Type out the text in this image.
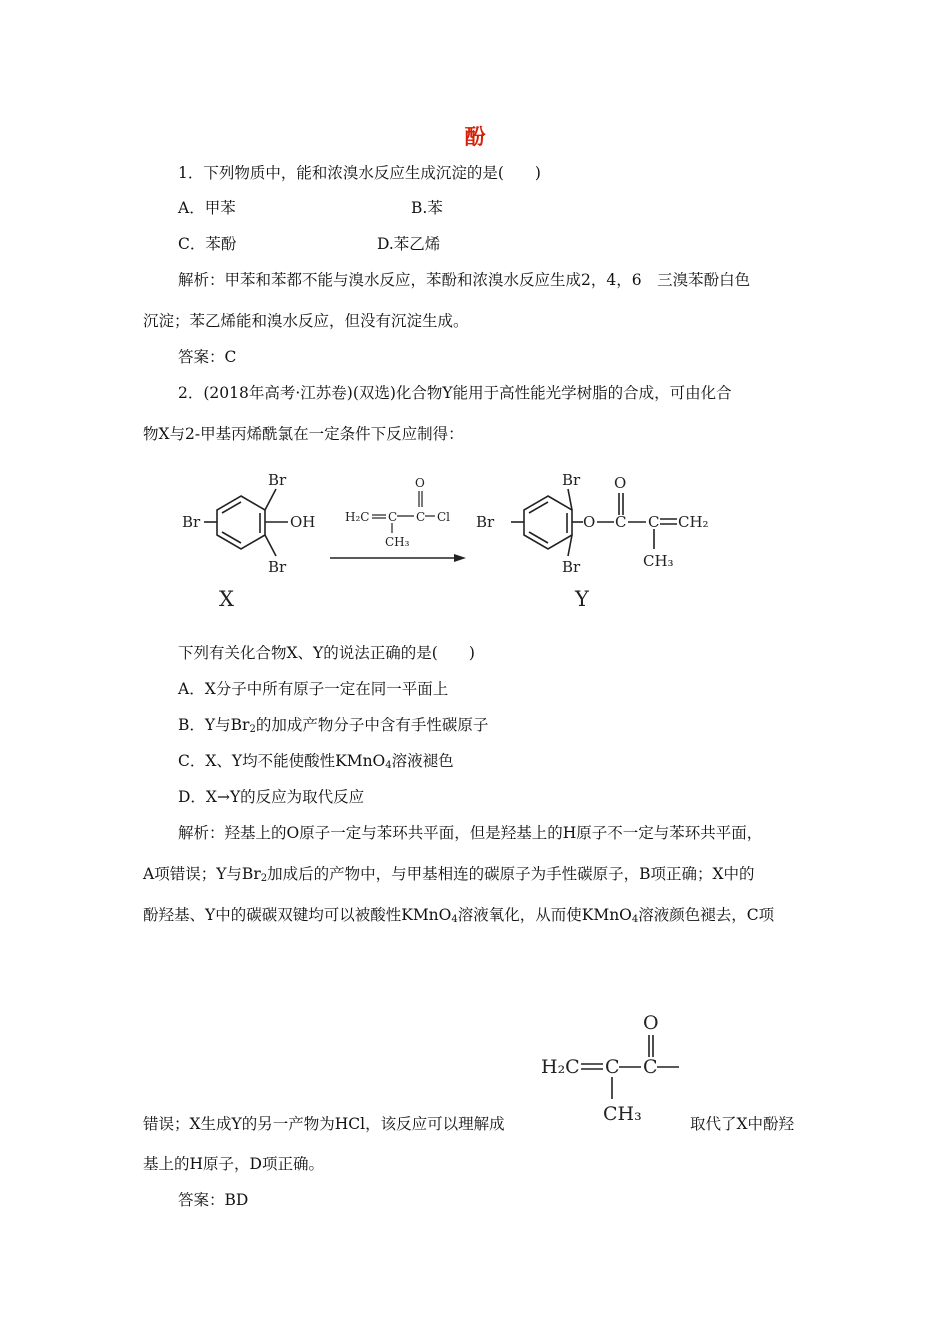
酚
1．下列物质中，能和浓溴水反应生成沉淀的是(　　)
A．甲苯	B.苯
C．苯酚	D.苯乙烯
解析：甲苯和苯都不能与溴水反应，苯酚和浓溴水反应生成2，4，6　三溴苯酚白色
沉淀；苯乙烯能和溴水反应，但没有沉淀生成。
答案：C
2．(2018年高考·江苏卷)(双选)化合物Y能用于高性能光学树脂的合成，可由化合
物X与2-甲基丙烯酰氯在一定条件下反应制得：
Br
Br
Br	OH
X
O
H₂C C C Cl
CH₃
Br
Br
Br	O
O
C C CH₂
CH₃
Y
下列有关化合物X、Y的说法正确的是(　　)
A．X分子中所有原子一定在同一平面上
B．Y与$Br_2$的加成产物分子中含有手性碳原子
C．X、Y均不能使酸性KMnO$_4$溶液褪色
D．X→Y的反应为取代反应
解析：羟基上的O原子一定与苯环共平面，但是羟基上的H原子不一定与苯环共平面，
A项错误；Y与$Br_2$加成后的产物中，与甲基相连的碳原子为手性碳原子，B项正确；X中的
酚羟基、Y中的碳碳双键均可以被酸性KMnO$_4$溶液氧化，从而使KMnO$_4$溶液颜色褪去，C项
O
H₂C C C
CH₃
错误；X生成Y的另一产物为HCl，该反应可以理解成	取代了X中酚羟
基上的H原子，D项正确。
答案：BD
